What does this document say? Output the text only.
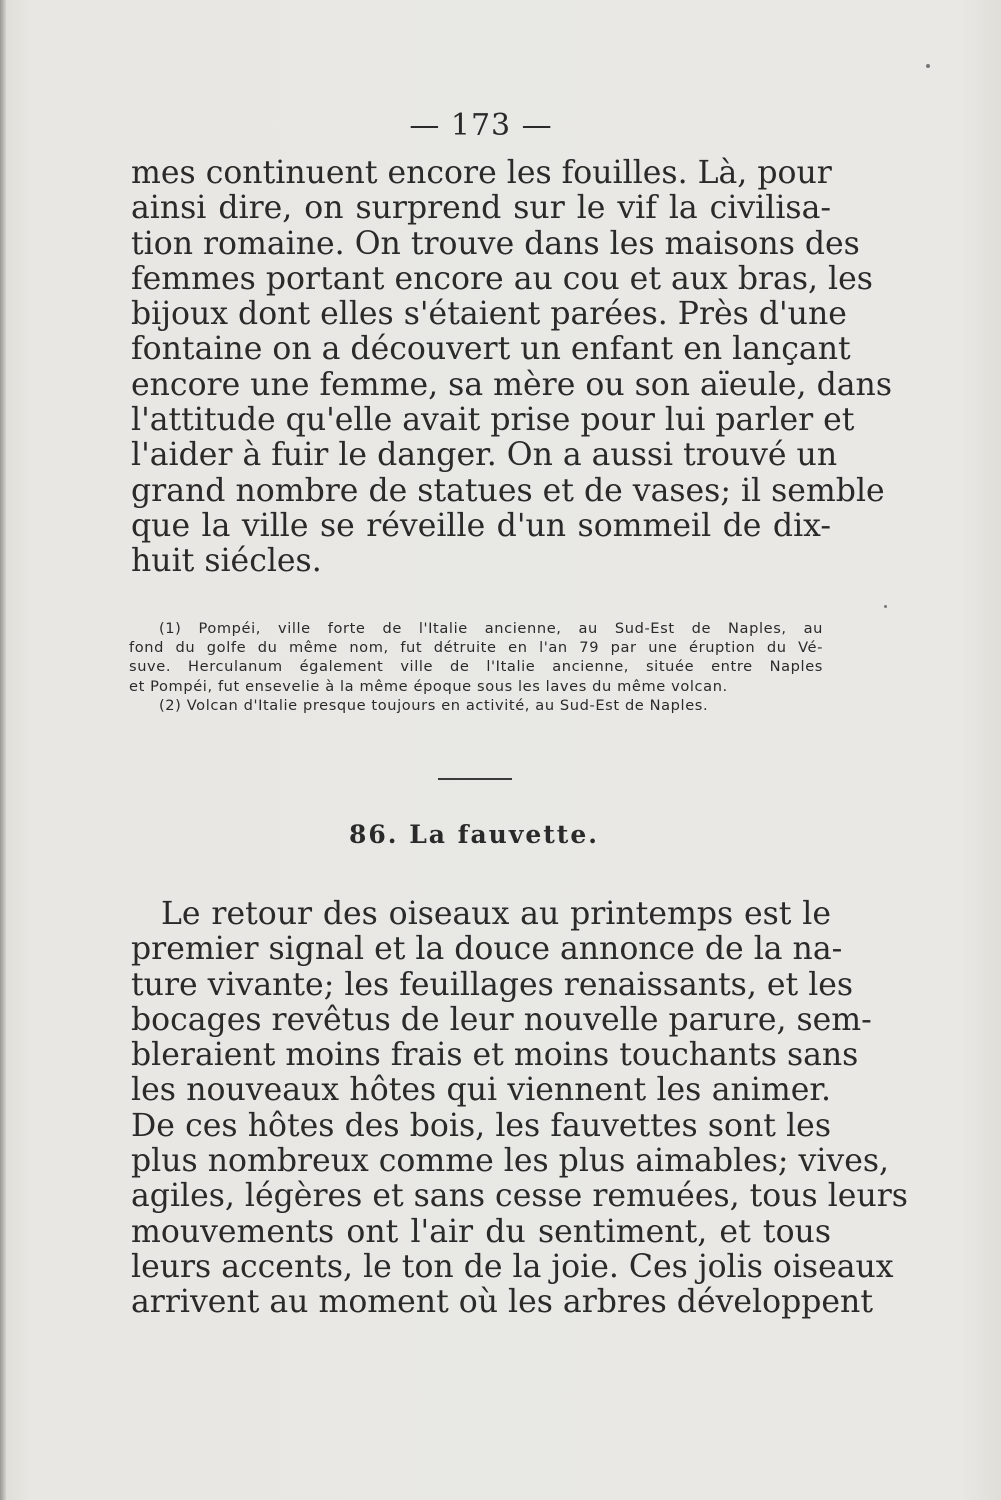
— 173 —
mes continuent encore les fouilles. Là, pour
ainsi dire, on surprend sur le vif la civilisa-
tion romaine. On trouve dans les maisons des
femmes portant encore au cou et aux bras, les
bijoux dont elles s'étaient parées. Près d'une
fontaine on a découvert un enfant en lançant
encore une femme, sa mère ou son aïeule, dans
l'attitude qu'elle avait prise pour lui parler et
l'aider à fuir le danger. On a aussi trouvé un
grand nombre de statues et de vases; il semble
que la ville se réveille d'un sommeil de dix-
huit siécles.
(1) Pompéi, ville forte de l'Italie ancienne, au Sud-Est de Naples, au
fond du golfe du même nom, fut détruite en l'an 79 par une éruption du Vé-
suve. Herculanum également ville de l'Italie ancienne, située entre Naples
et Pompéi, fut ensevelie à la même époque sous les laves du même volcan.
(2) Volcan d'Italie presque toujours en activité, au Sud-Est de Naples.
86. La fauvette.
Le retour des oiseaux au printemps est le
premier signal et la douce annonce de la na-
ture vivante; les feuillages renaissants, et les
bocages revêtus de leur nouvelle parure, sem-
bleraient moins frais et moins touchants sans
les nouveaux hôtes qui viennent les animer.
De ces hôtes des bois, les fauvettes sont les
plus nombreux comme les plus aimables; vives,
agiles, légères et sans cesse remuées, tous leurs
mouvements ont l'air du sentiment, et tous
leurs accents, le ton de la joie. Ces jolis oiseaux
arrivent au moment où les arbres développent
